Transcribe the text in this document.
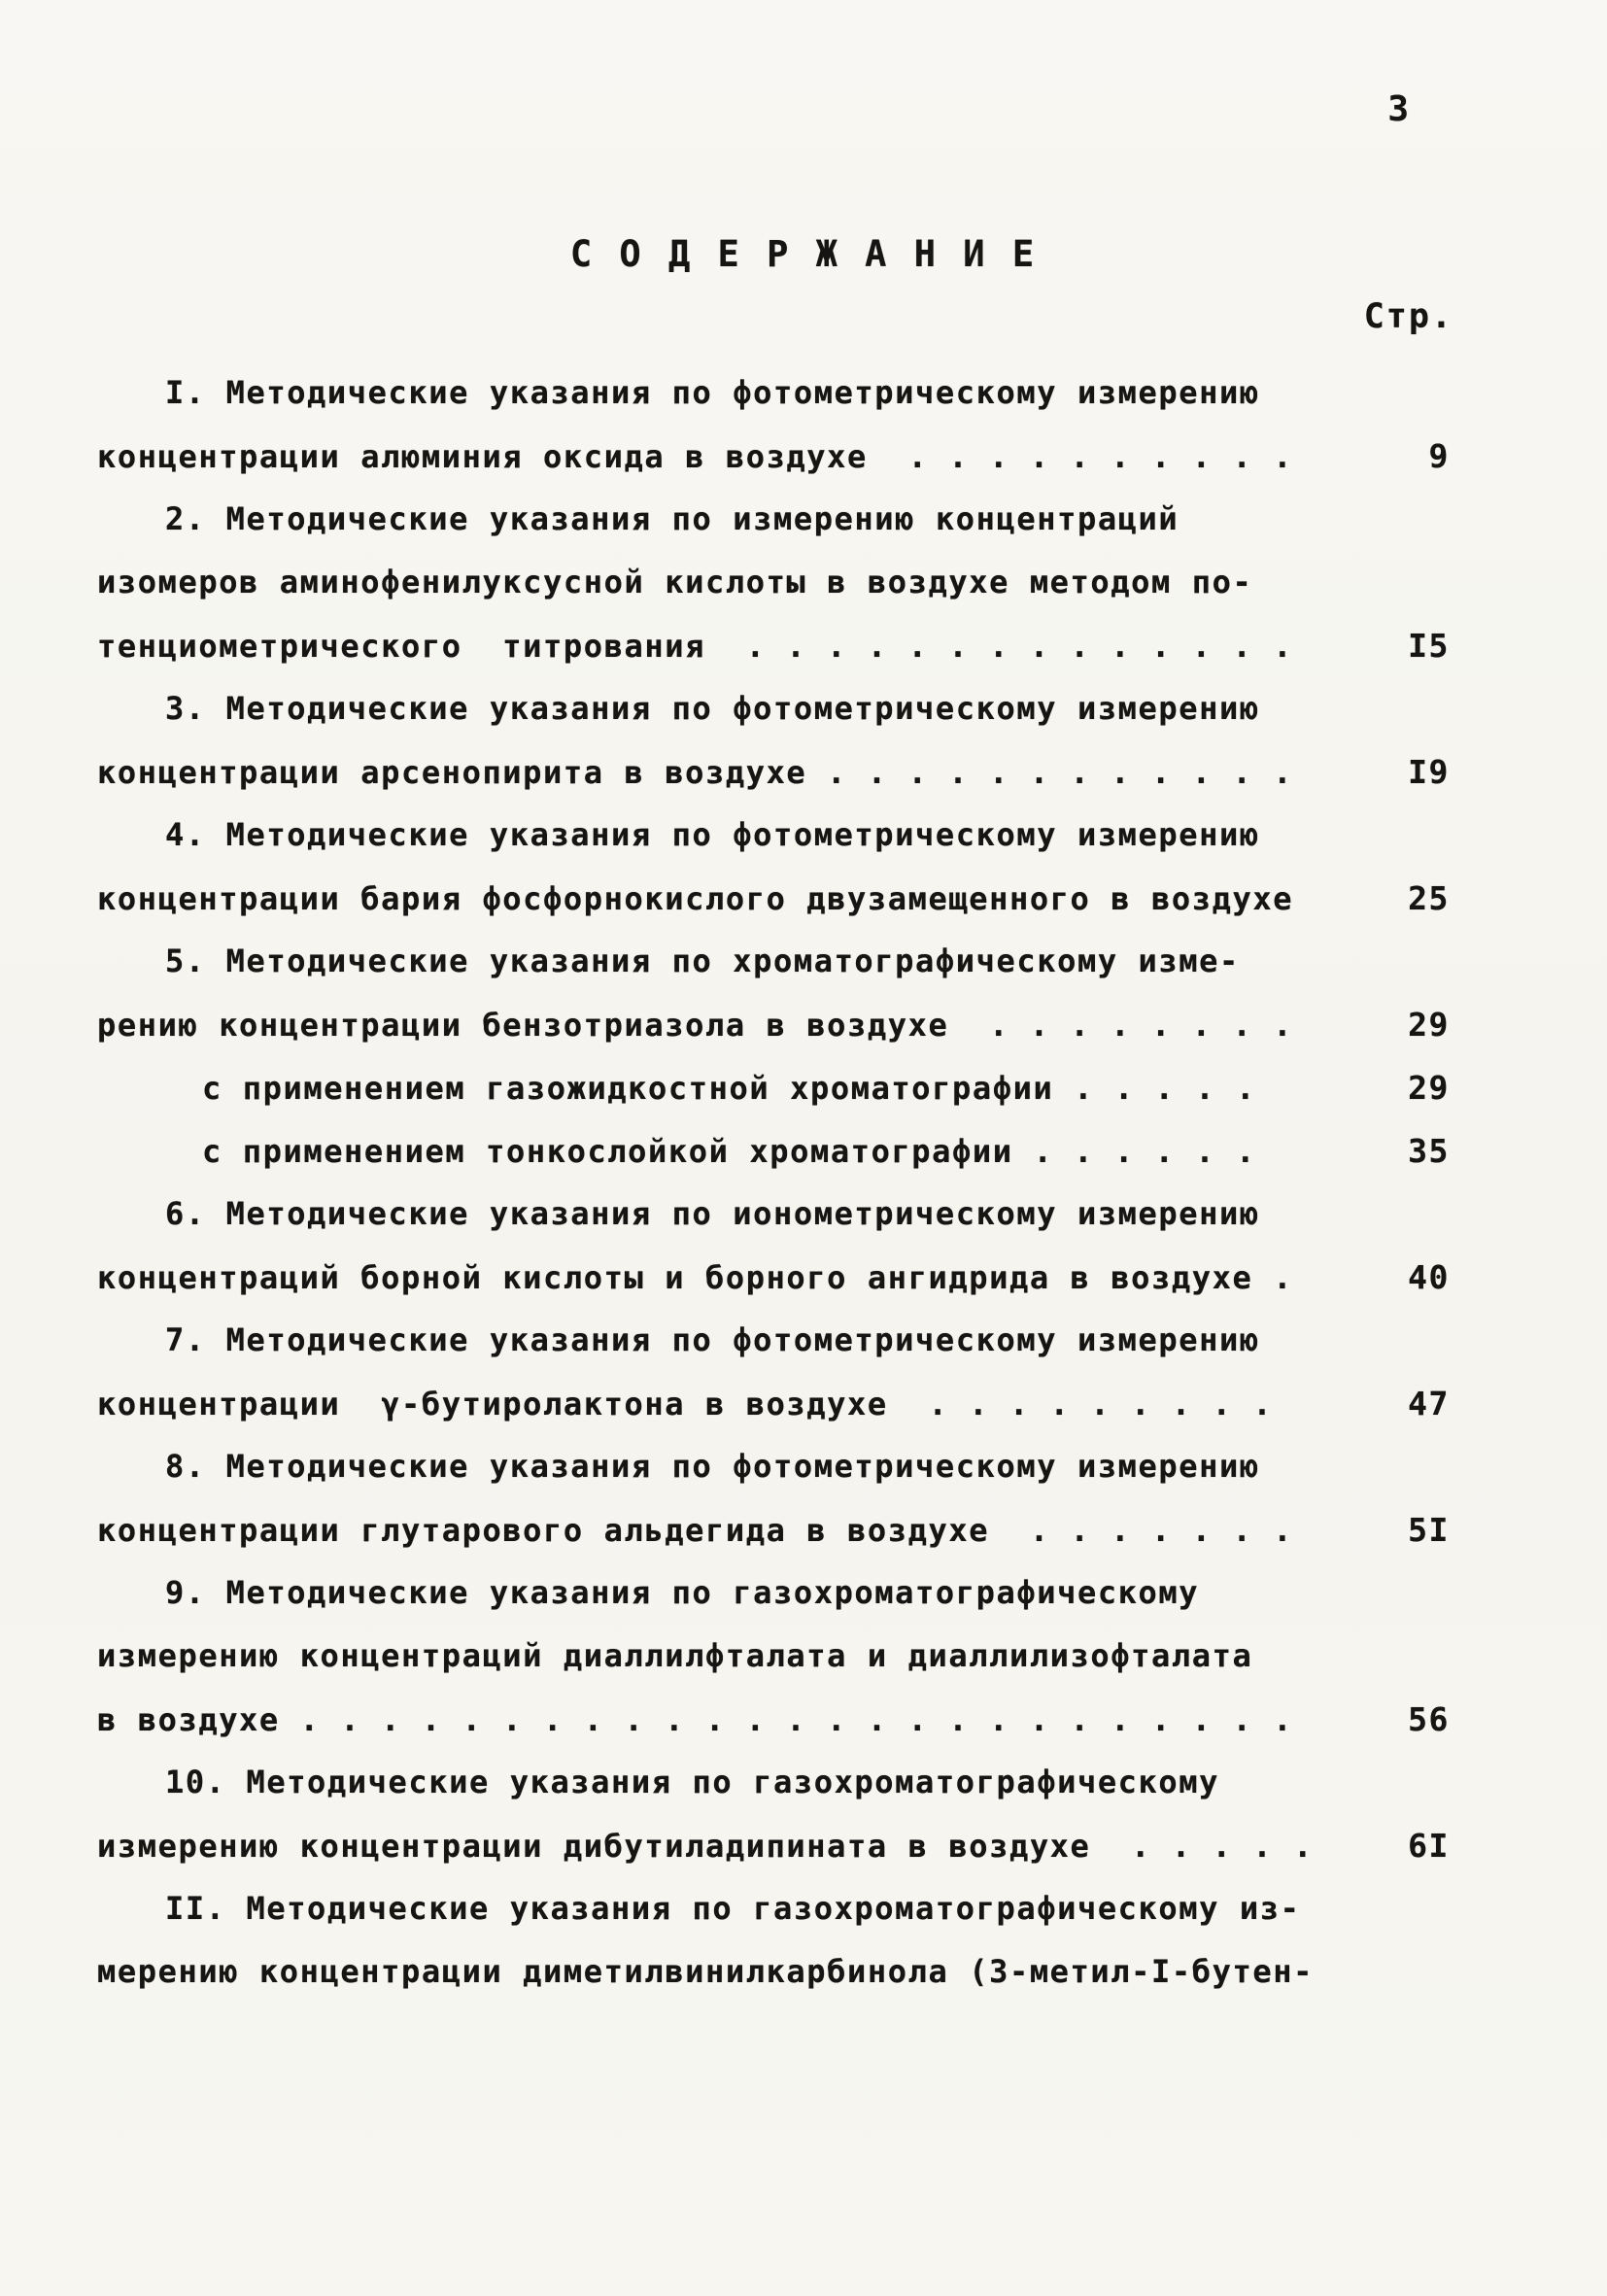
3
С О Д Е Р Ж А Н И Е
Стр.
I. Методические указания по фотометрическому измерению
концентрации алюминия оксида в воздухе  . . . . . . . . . .	9
2. Методические указания по измерению концентраций
изомеров аминофенилуксусной кислоты в воздухе методом по-
тенциометрического  титрования  . . . . . . . . . . . . . .	I5
3. Методические указания по фотометрическому измерению
концентрации арсенопирита в воздухе . . . . . . . . . . . .	I9
4. Методические указания по фотометрическому измерению
концентрации бария фосфорнокислого двузамещенного в воздухе	25
5. Методические указания по хроматографическому изме-
рению концентрации бензотриазола в воздухе  . . . . . . . .	29
с применением газожидкостной хроматографии . . . . .	29
с применением тонкослойкой хроматографии . . . . . .	35
6. Методические указания по ионометрическому измерению
концентраций борной кислоты и борного ангидрида в воздухе .	40
7. Методические указания по фотометрическому измерению
концентрации  γ-бутиролактона в воздухе  . . . . . . . . .	47
8. Методические указания по фотометрическому измерению
концентрации глутарового альдегида в воздухе  . . . . . . .	5I
9. Методические указания по газохроматографическому
измерению концентраций диаллилфталата и диаллилизофталата
в воздухе . . . . . . . . . . . . . . . . . . . . . . . . .	56
10. Методические указания по газохроматографическому
измерению концентрации дибутиладипината в воздухе  . . . . .	6I
II. Методические указания по газохроматографическому из-
мерению концентрации диметилвинилкарбинола (3-метил-I-бутен-
